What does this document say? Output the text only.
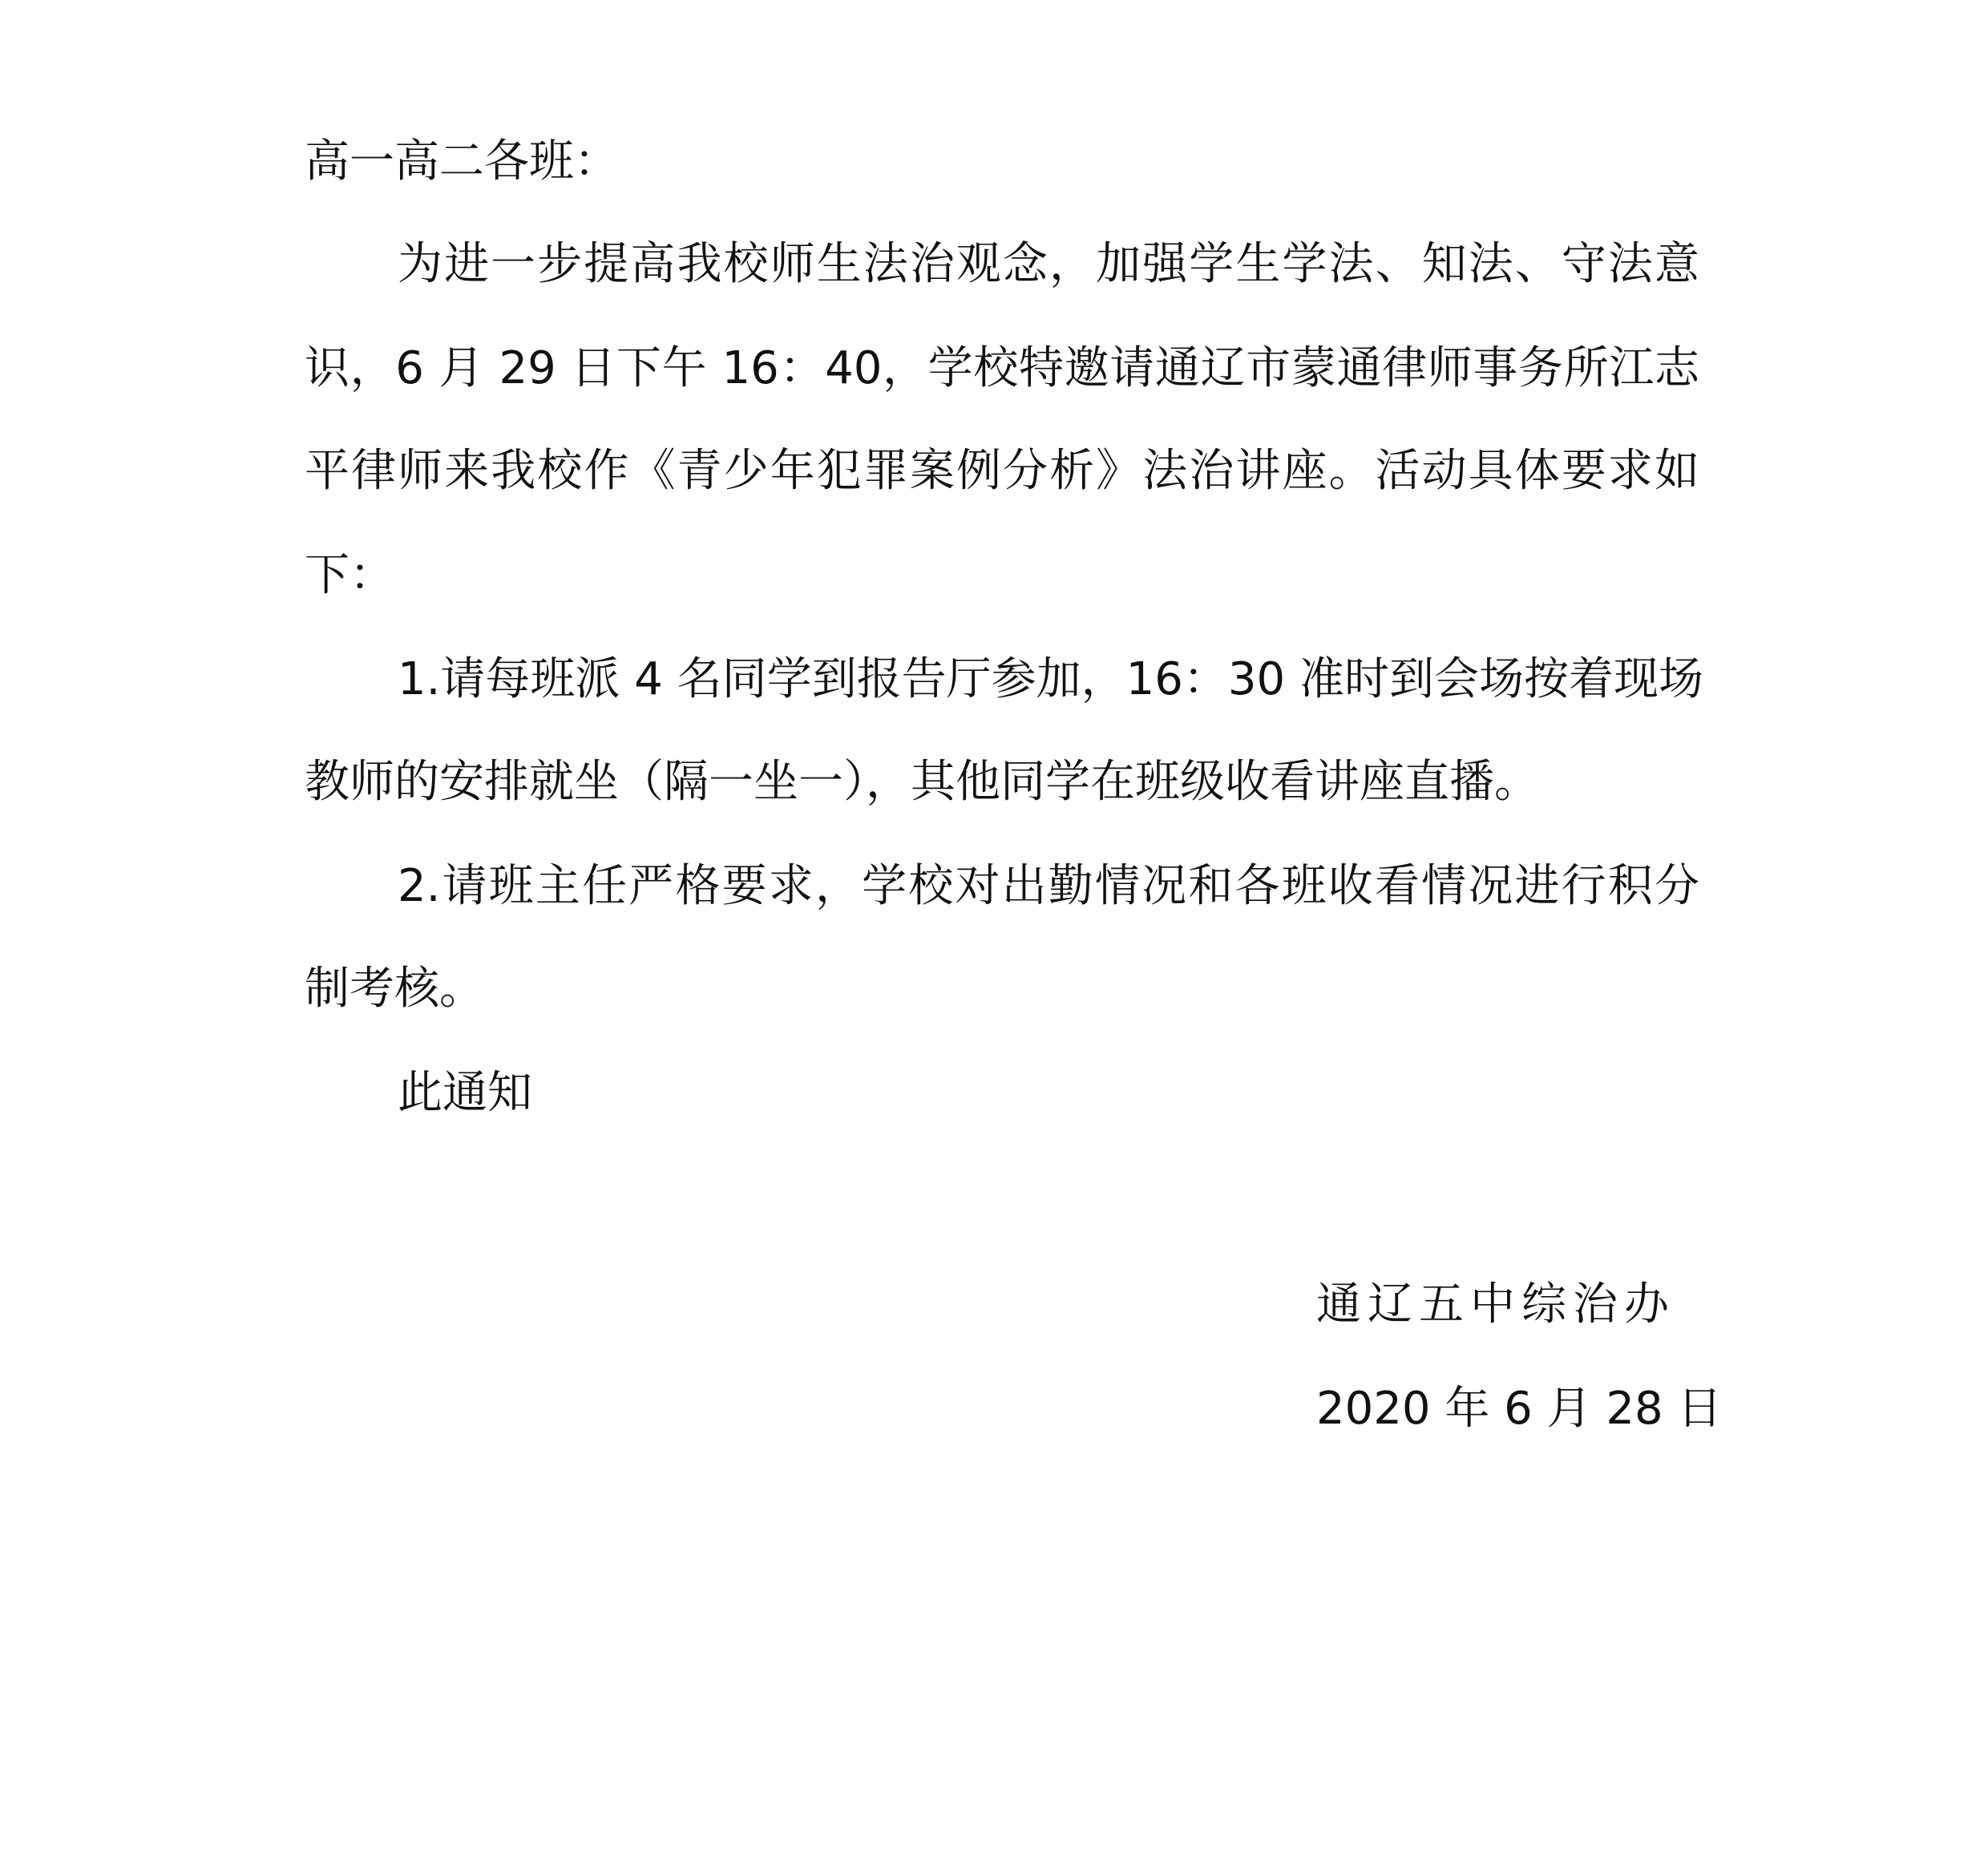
高一高二各班：
为进一步提高我校师生法治观念，加强学生学法、知法、守法意
识，6 月 29 日下午 16：40，学校特邀请通辽市蒙通律师事务所江志
平律师来我校作《青少年犯罪案例分析》法治讲座。活动具体要求如
下：
1.请每班派 4 名同学到报告厅参加，16：30 准时到会场按着现场
教师的安排就坐（隔一坐一），其他同学在班级收看讲座直播。
2.请班主任严格要求，学校对出勤情况和各班收看情况进行积分
制考核。
此通知
通辽五中综治办
2020 年 6 月 28 日
